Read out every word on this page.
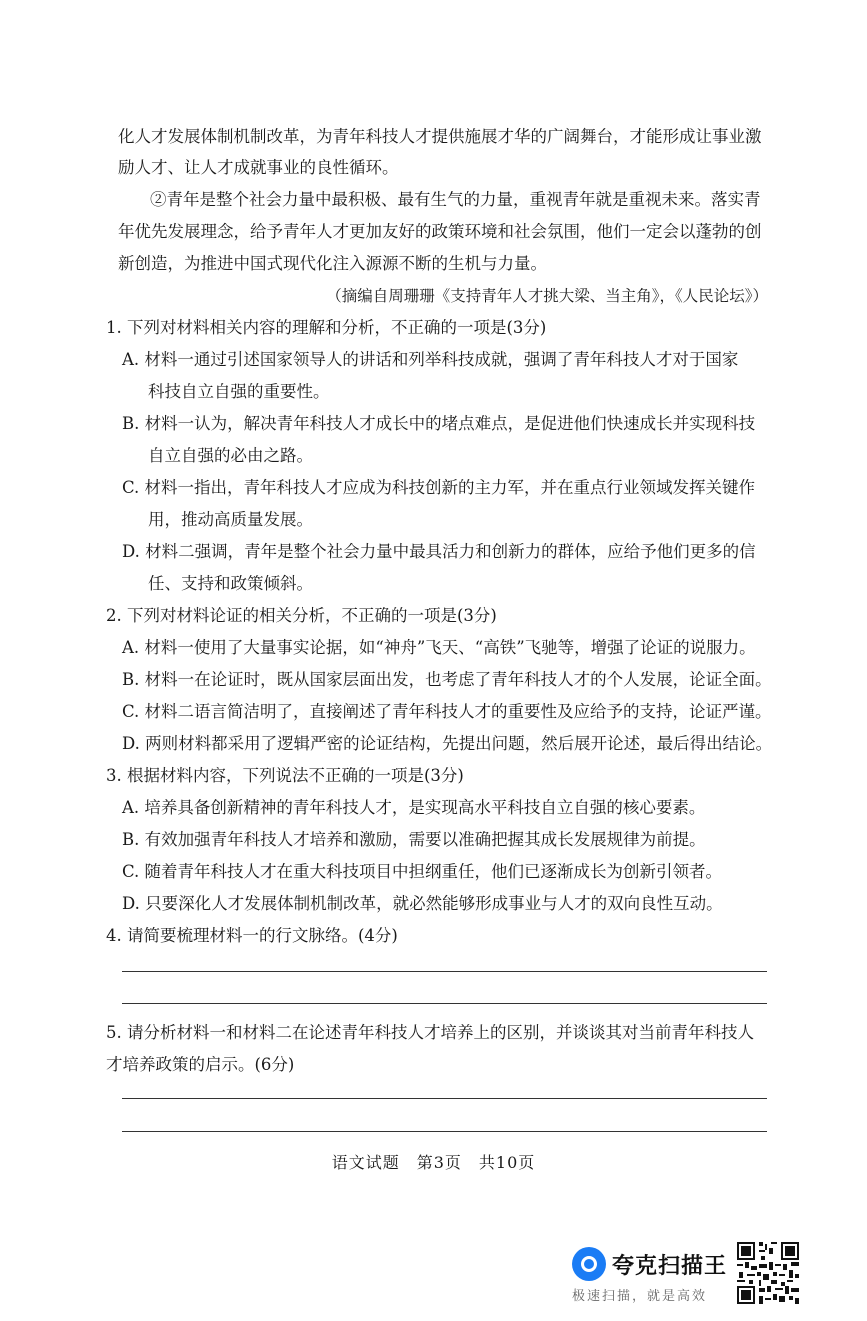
化人才发展体制机制改革，为青年科技人才提供施展才华的广阔舞台，才能形成让事业激
励人才、让人才成就事业的良性循环。
②青年是整个社会力量中最积极、最有生气的力量，重视青年就是重视未来。落实青
年优先发展理念，给予青年人才更加友好的政策环境和社会氛围，他们一定会以蓬勃的创
新创造，为推进中国式现代化注入源源不断的生机与力量。
（摘编自周珊珊《支持青年人才挑大梁、当主角》，《人民论坛》）
1. 下列对材料相关内容的理解和分析，不正确的一项是(3分)
A. 材料一通过引述国家领导人的讲话和列举科技成就，强调了青年科技人才对于国家
科技自立自强的重要性。
B. 材料一认为，解决青年科技人才成长中的堵点难点，是促进他们快速成长并实现科技
自立自强的必由之路。
C. 材料一指出，青年科技人才应成为科技创新的主力军，并在重点行业领域发挥关键作
用，推动高质量发展。
D. 材料二强调，青年是整个社会力量中最具活力和创新力的群体，应给予他们更多的信
任、支持和政策倾斜。
2. 下列对材料论证的相关分析，不正确的一项是(3分)
A. 材料一使用了大量事实论据，如“神舟”飞天、“高铁”飞驰等，增强了论证的说服力。
B. 材料一在论证时，既从国家层面出发，也考虑了青年科技人才的个人发展，论证全面。
C. 材料二语言简洁明了，直接阐述了青年科技人才的重要性及应给予的支持，论证严谨。
D. 两则材料都采用了逻辑严密的论证结构，先提出问题，然后展开论述，最后得出结论。
3. 根据材料内容，下列说法不正确的一项是(3分)
A. 培养具备创新精神的青年科技人才，是实现高水平科技自立自强的核心要素。
B. 有效加强青年科技人才培养和激励，需要以准确把握其成长发展规律为前提。
C. 随着青年科技人才在重大科技项目中担纲重任，他们已逐渐成长为创新引领者。
D. 只要深化人才发展体制机制改革，就必然能够形成事业与人才的双向良性互动。
4. 请简要梳理材料一的行文脉络。(4分)
5. 请分析材料一和材料二在论述青年科技人才培养上的区别，并谈谈其对当前青年科技人
才培养政策的启示。(6分)
语文试题　第3页　共10页
夸克扫描王
极速扫描，就是高效
